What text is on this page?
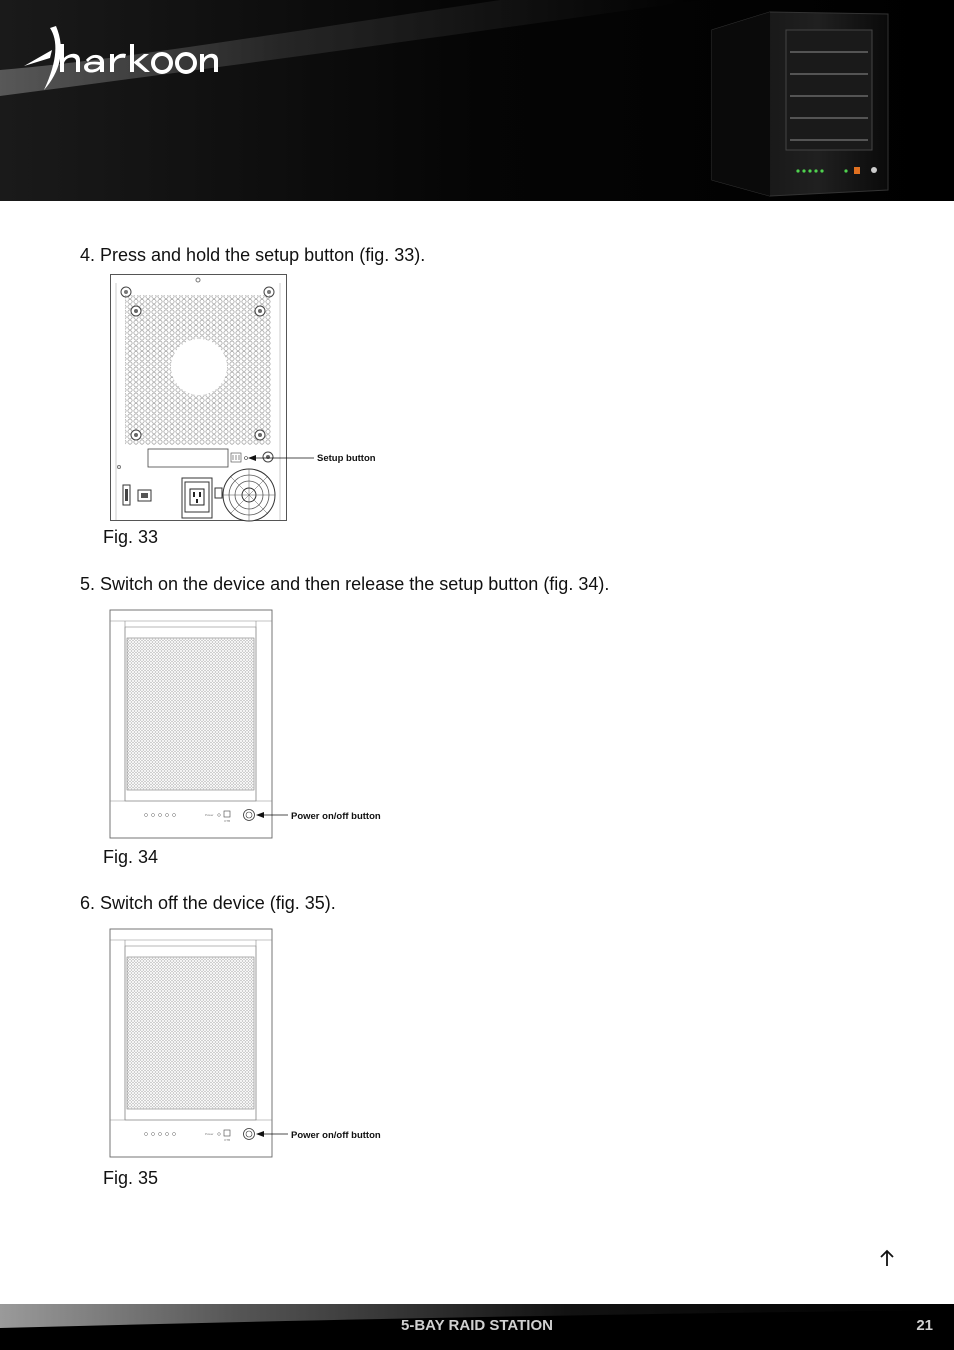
4. Press and hold the setup button (fig. 33).

Setup button

Fig. 33

5. Switch on the device and then release the setup button (fig. 34).

Power
OTB	Power on/off button

Fig. 34

6. Switch off the device (fig. 35).

Power
OTB	Power on/off button

Fig. 35

5-BAY RAID STATION	21
